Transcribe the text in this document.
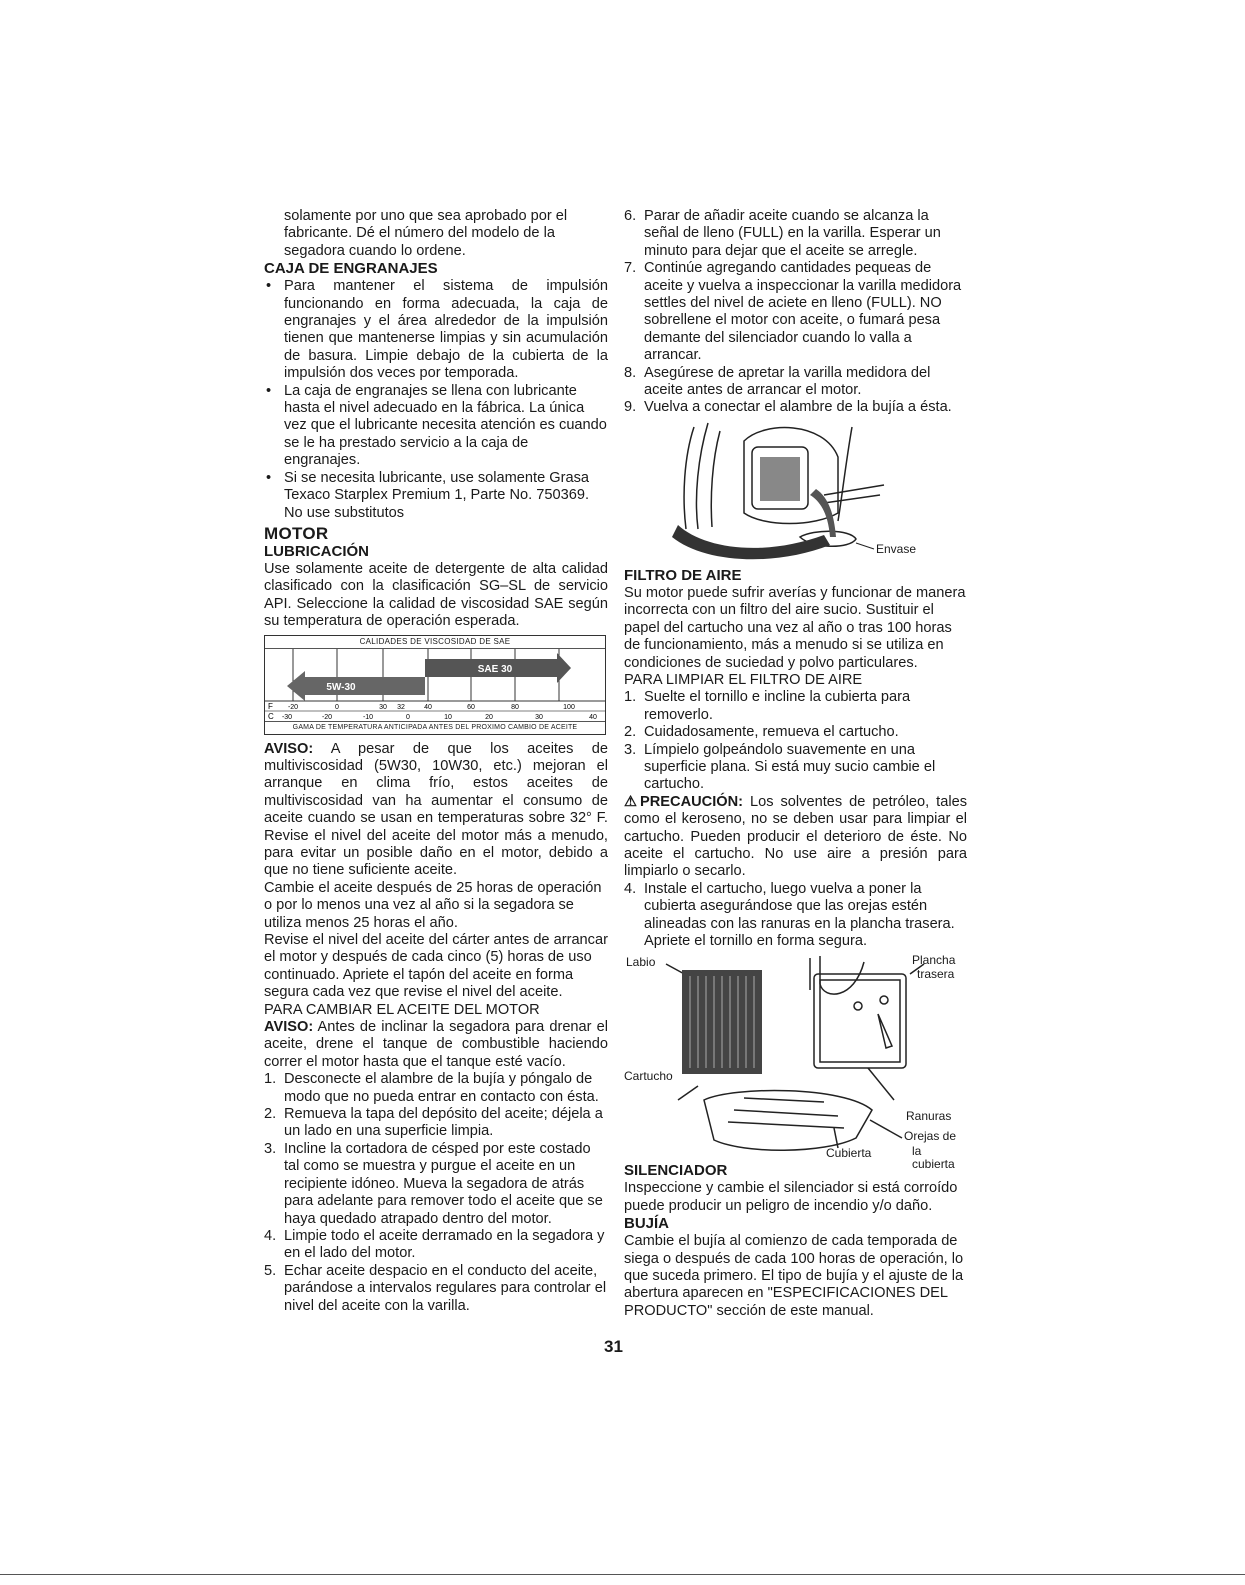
solamente por uno que sea aprobado por el fabricante. Dé el número del modelo de la segadora cuando lo ordene.

CAJA DE ENGRANAJES

• Para mantener el sistema de impulsión funcionando en forma adecuada, la caja de engranajes y el área alrededor de la impulsión tienen que mantenerse limpias y sin acumulación de basura. Limpie debajo de la cubierta de la impulsión dos veces por temporada.

• La caja de engranajes se llena con lubricante hasta el nivel adecuado en la fábrica. La única vez que el lubricante necesita atención es cuando se le ha prestado servicio a la caja de engranajes.

• Si se necesita lubricante, use solamente Grasa Texaco Starplex Premium 1, Parte No. 750369. No use substitutos

MOTOR
LUBRICACIÓN

Use solamente aceite de detergente de alta calidad clasificado con la clasificación SG–SL de servicio API. Seleccione la calidad de viscosidad SAE según su temperatura de operación esperada.

CALIDADES DE VISCOSIDAD DE SAE
SAE 30
5W-30
F -20	0	30 32	40	60	80	100
C -30	-20	-10	0	10	20	30	40
GAMA DE TEMPERATURA ANTICIPADA ANTES DEL PROXIMO CAMBIO DE ACEITE

AVISO: A pesar de que los aceites de multiviscosidad (5W30, 10W30, etc.) mejoran el arranque en clima frío, estos aceites de multiviscosidad van ha aumentar el consumo de aceite cuando se usan en temperaturas sobre 32° F. Revise el nivel del aceite del motor más a menudo, para evitar un posible daño en el motor, debido a que no tiene suficiente aceite.

Cambie el aceite después de 25 horas de operación o por lo menos una vez al año si la segadora se utiliza menos 25 horas el año.

Revise el nivel del aceite del cárter antes de arrancar el motor y después de cada cinco (5) horas de uso continuado. Apriete el tapón del aceite en forma segura cada vez que revise el nivel del aceite.

PARA CAMBIAR EL ACEITE DEL MOTOR

AVISO: Antes de inclinar la segadora para drenar el aceite, drene el tanque de combustible haciendo correr el motor hasta que el tanque esté vacío.

1. Desconecte el alambre de la bujía y póngalo de modo que no pueda entrar en contacto con ésta.
2. Remueva la tapa del depósito del aceite; déjela a un lado en una superficie limpia.
3. Incline la cortadora de césped por este costado tal como se muestra y purgue el aceite en un recipiente idóneo. Mueva la segadora de atrás para adelante para remover todo el aceite que se haya quedado atrapado dentro del motor.
4. Limpie todo el aceite derramado en la segadora y en el lado del motor.
5. Echar aceite despacio en el conducto del aceite, parándose a intervalos regulares para controlar el nivel del aceite con la varilla.
6. Parar de añadir aceite cuando se alcanza la señal de lleno (FULL) en la varilla. Esperar un minuto para dejar que el aceite se arregle.
7. Continúe agregando cantidades pequeas de aceite y vuelva a inspeccionar la varilla medidora settles del nivel de aciete en lleno (FULL). NO sobrellene el motor con aceite, o fumará pesa demante del silenciador cuando lo valla a arrancar.
8. Asegúrese de apretar la varilla medidora del aceite antes de arrancar el motor.
9. Vuelva a conectar el alambre de la bujía a ésta.
Envase
FILTRO DE AIRE

Su motor puede sufrir averías y funcionar de manera incorrecta con un filtro del aire sucio. Sustituir el papel del cartucho una vez al año o tras 100 horas de funcionamiento, más a menudo si se utiliza en condiciones de suciedad y polvo particulares.

PARA LIMPIAR EL FILTRO DE AIRE
1. Suelte el tornillo e incline la cubierta para removerlo.
2. Cuidadosamente, remueva el cartucho.
3. Límpielo golpeándolo suavemente en una superficie plana. Si está muy sucio cambie el cartucho.

⚠PRECAUCIÓN: Los solventes de petróleo, tales como el keroseno, no se deben usar para limpiar el cartucho. Pueden producir el deterioro de éste. No aceite el cartucho. No use aire a presión para limpiarlo o secarlo.

4. Instale el cartucho, luego vuelva a poner la cubierta asegurándose que las orejas estén alineadas con las ranuras en la plancha trasera. Apriete el tornillo en forma segura.
Labio	Plancha
trasera
Cartucho
Ranuras
Orejas de
la cubierta
Cubierta
SILENCIADOR

Inspeccione y cambie el silenciador si está corroído puede producir un peligro de incendio y/o daño.

BUJÍA

Cambie el bujía al comienzo de cada temporada de siega o después de cada 100 horas de operación, lo que suceda primero. El tipo de bujía y el ajuste de la abertura aparecen en "ESPECIFICACIONES DEL PRODUCTO" sección de este manual.

31
